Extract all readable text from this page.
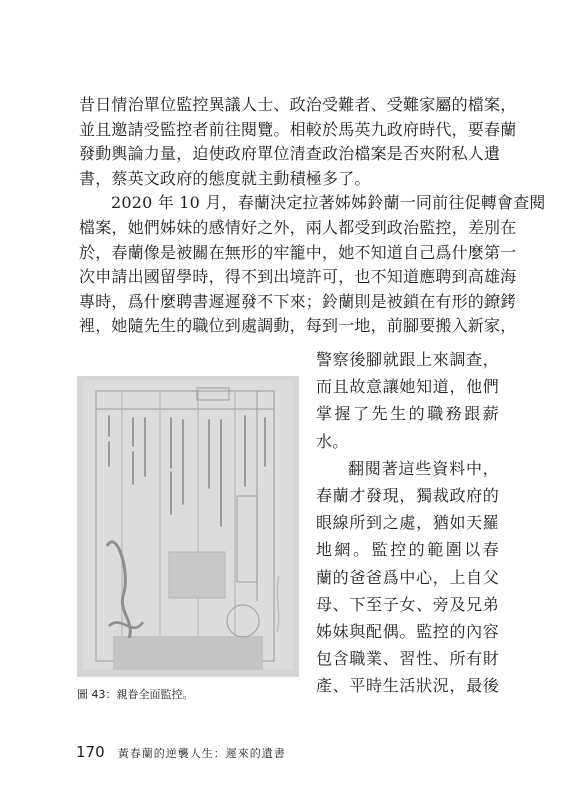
昔日情治單位監控異議人士、政治受難者、受難家屬的檔案，
並且邀請受監控者前往閱覽。相較於馬英九政府時代，要春蘭
發動輿論力量，迫使政府單位清查政治檔案是否夾附私人遺
書，蔡英文政府的態度就主動積極多了。
2020 年 10 月，春蘭決定拉著姊姊鈴蘭一同前往促轉會查閱
檔案，她們姊妹的感情好之外，兩人都受到政治監控，差別在
於，春蘭像是被關在無形的牢籠中，她不知道自己爲什麼第一
次申請出國留學時，得不到出境許可，也不知道應聘到高雄海
專時，爲什麼聘書遲遲發不下來；鈴蘭則是被鎖在有形的鐐銬
裡，她隨先生的職位到處調動，每到一地，前腳要搬入新家，
警察後腳就跟上來調查，
而且故意讓她知道，他們
掌握了先生的職務跟薪
水。
翻閱著這些資料中，
春蘭才發現，獨裁政府的
眼線所到之處，猶如天羅
地網。監控的範圍以春
蘭的爸爸爲中心，上自父
母、下至子女、旁及兄弟
姊妹與配偶。監控的內容
包含職業、習性、所有財
產、平時生活狀況，最後
圖 43：親眷全面監控。
170 黃春蘭的逆襲人生：遲來的遺書
